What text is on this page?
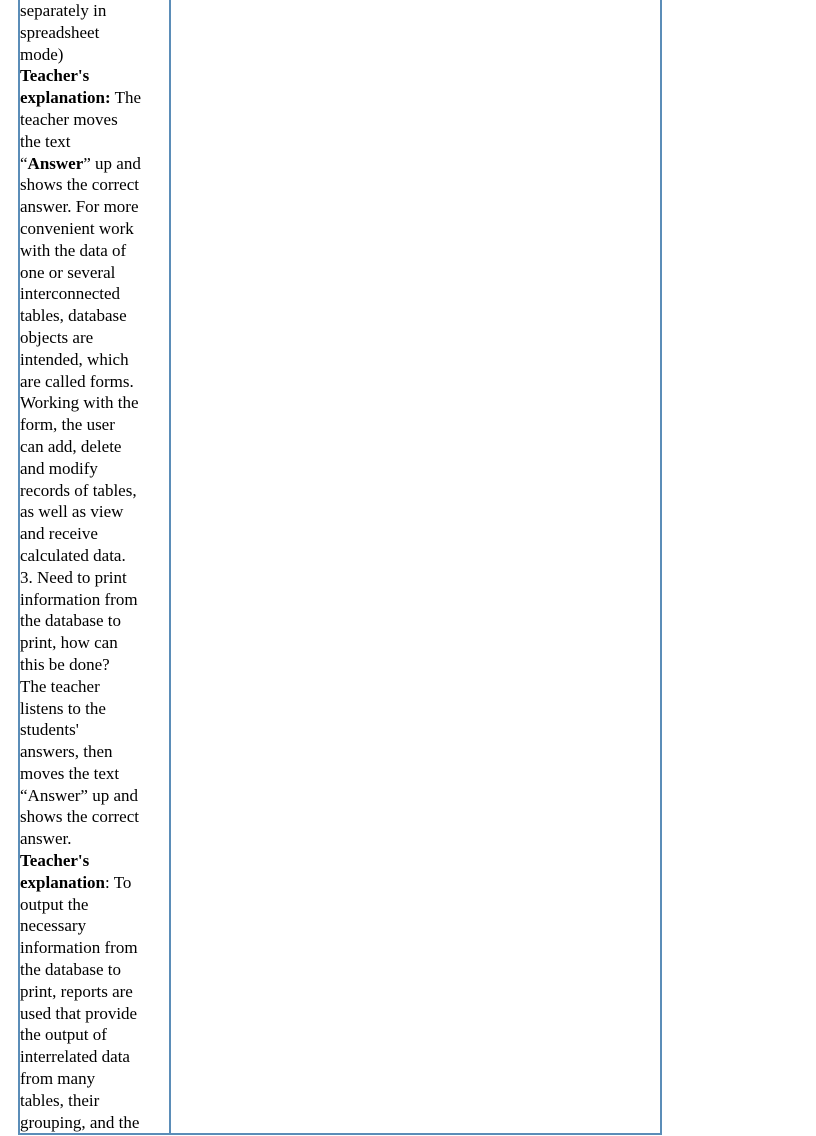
separately in
spreadsheet
mode)
Teacher's
explanation: The
teacher moves
the text
“Answer” up and
shows the correct
answer. For more
convenient work
with the data of
one or several
interconnected
tables, database
objects are
intended, which
are called forms.
Working with the
form, the user
can add, delete
and modify
records of tables,
as well as view
and receive
calculated data.
3. Need to print
information from
the database to
print, how can
this be done?
The teacher
listens to the
students'
answers, then
moves the text
“Answer” up and
shows the correct
answer.
Teacher's
explanation: To
output the
necessary
information from
the database to
print, reports are
used that provide
the output of
interrelated data
from many
tables, their
grouping, and the
